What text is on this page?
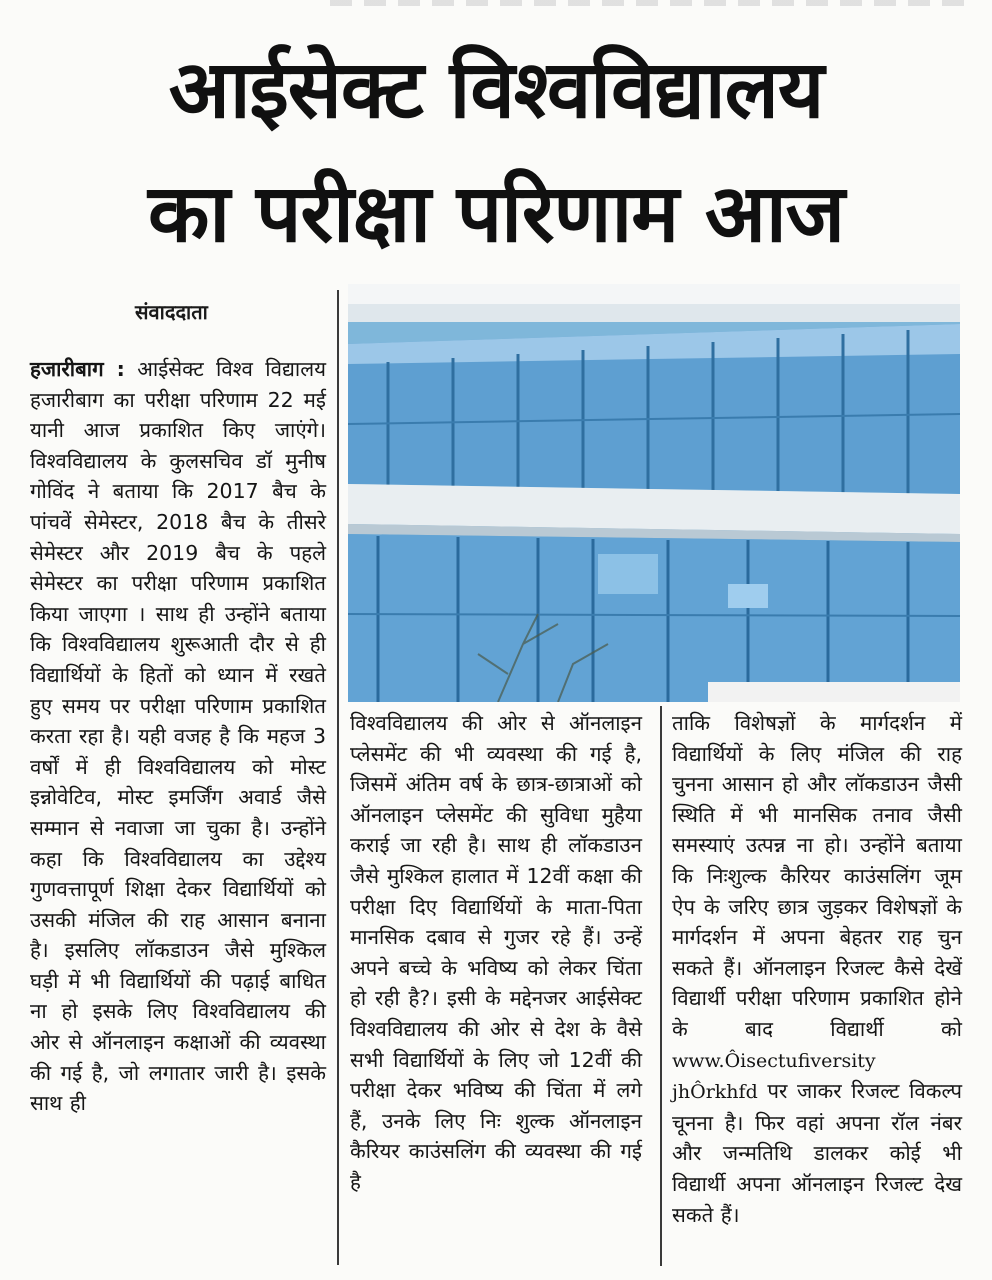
आईसेक्ट विश्वविद्यालय
का परीक्षा परिणाम आज
संवाददाता
हजारीबाग : आईसेक्ट विश्व विद्यालय हजारीबाग का परीक्षा परिणाम 22 मई यानी आज प्रकाशित किए जाएंगे। विश्वविद्यालय के कुलसचिव डॉ मुनीष गोविंद ने बताया कि 2017 बैच के पांचवें सेमेस्टर, 2018 बैच के तीसरे सेमेस्टर और 2019 बैच के पहले सेमेस्टर का परीक्षा परिणाम प्रकाशित किया जाएगा । साथ ही उन्होंने बताया कि विश्वविद्यालय शुरूआती दौर से ही विद्यार्थियों के हितों को ध्यान में रखते हुए समय पर परीक्षा परिणाम प्रकाशित करता रहा है। यही वजह है कि महज 3 वर्षों में ही विश्वविद्यालय को मोस्ट इन्नोवेटिव, मोस्ट इमर्जिंग अवार्ड जैसे सम्मान से नवाजा जा चुका है। उन्होंने कहा कि विश्वविद्यालय का उद्देश्य गुणवत्तापूर्ण शिक्षा देकर विद्यार्थियों को उसकी मंजिल की राह आसान बनाना है। इसलिए लॉकडाउन जैसे मुश्किल घड़ी में भी विद्यार्थियों की पढ़ाई बाधित ना हो इसके लिए विश्वविद्यालय की ओर से ऑनलाइन कक्षाओं की व्यवस्था की गई है, जो लगातार जारी है। इसके साथ ही
विश्वविद्यालय की ओर से ऑनलाइन प्लेसमेंट की भी व्यवस्था की गई है, जिसमें अंतिम वर्ष के छात्र-छात्राओं को ऑनलाइन प्लेसमेंट की सुविधा मुहैया कराई जा रही है। साथ ही लॉकडाउन जैसे मुश्किल हालात में 12वीं कक्षा की परीक्षा दिए विद्यार्थियों के माता-पिता मानसिक दबाव से गुजर रहे हैं। उन्हें अपने बच्चे के भविष्य को लेकर चिंता हो रही है?। इसी के मद्देनजर आईसेक्ट विश्वविद्यालय की ओर से देश के वैसे सभी विद्यार्थियों के लिए जो 12वीं की परीक्षा देकर भविष्य की चिंता में लगे हैं, उनके लिए निः शुल्क ऑनलाइन कैरियर काउंसलिंग की व्यवस्था की गई है
ताकि विशेषज्ञों के मार्गदर्शन में विद्यार्थियों के लिए मंजिल की राह चुनना आसान हो और लॉकडाउन जैसी स्थिति में भी मानसिक तनाव जैसी समस्याएं उत्पन्न ना हो। उन्होंने बताया कि निःशुल्क कैरियर काउंसलिंग जूम ऐप के जरिए छात्र जुड़कर विशेषज्ञों के मार्गदर्शन में अपना बेहतर राह चुन सकते हैं। ऑनलाइन रिजल्ट कैसे देखें विद्यार्थी परीक्षा परिणाम प्रकाशित होने के बाद विद्यार्थी को www.Ôisectufiversity jhÔrkhfd पर जाकर रिजल्ट विकल्प चूनना है। फिर वहां अपना रॉल नंबर और जन्मतिथि डालकर कोई भी विद्यार्थी अपना ऑनलाइन रिजल्ट देख सकते हैं।
